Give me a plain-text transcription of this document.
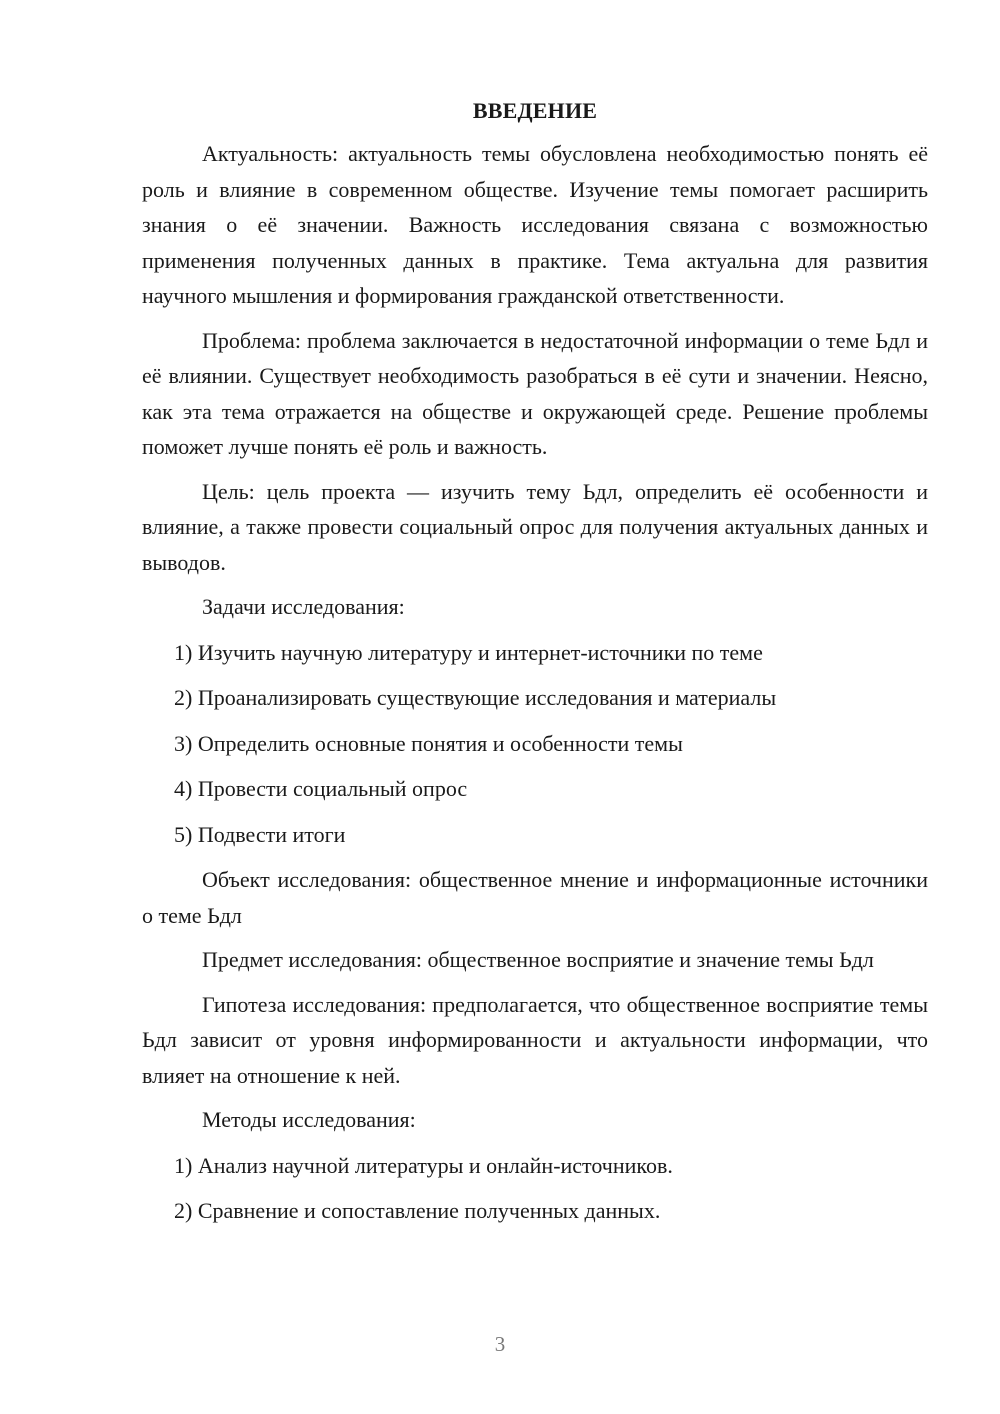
ВВЕДЕНИЕ

Актуальность: актуальность темы обусловлена необходимостью понять её роль и влияние в современном обществе. Изучение темы помогает расширить знания о её значении. Важность исследования связана с возможностью применения полученных данных в практике. Тема актуальна для развития научного мышления и формирования гражданской ответственности.

Проблема: проблема заключается в недостаточной информации о теме Ьдл и её влиянии. Существует необходимость разобраться в её сути и значении. Неясно, как эта тема отражается на обществе и окружающей среде. Решение проблемы поможет лучше понять её роль и важность.

Цель: цель проекта — изучить тему Ьдл, определить её особенности и влияние, а также провести социальный опрос для получения актуальных данных и выводов.

Задачи исследования:
1) Изучить научную литературу и интернет-источники по теме
2) Проанализировать существующие исследования и материалы
3) Определить основные понятия и особенности темы
4) Провести социальный опрос
5) Подвести итоги

Объект исследования: общественное мнение и информационные источники о теме Ьдл

Предмет исследования: общественное восприятие и значение темы Ьдл

Гипотеза исследования: предполагается, что общественное восприятие темы Ьдл зависит от уровня информированности и актуальности информации, что влияет на отношение к ней.

Методы исследования:
1) Анализ научной литературы и онлайн-источников.
2) Сравнение и сопоставление полученных данных.
3
